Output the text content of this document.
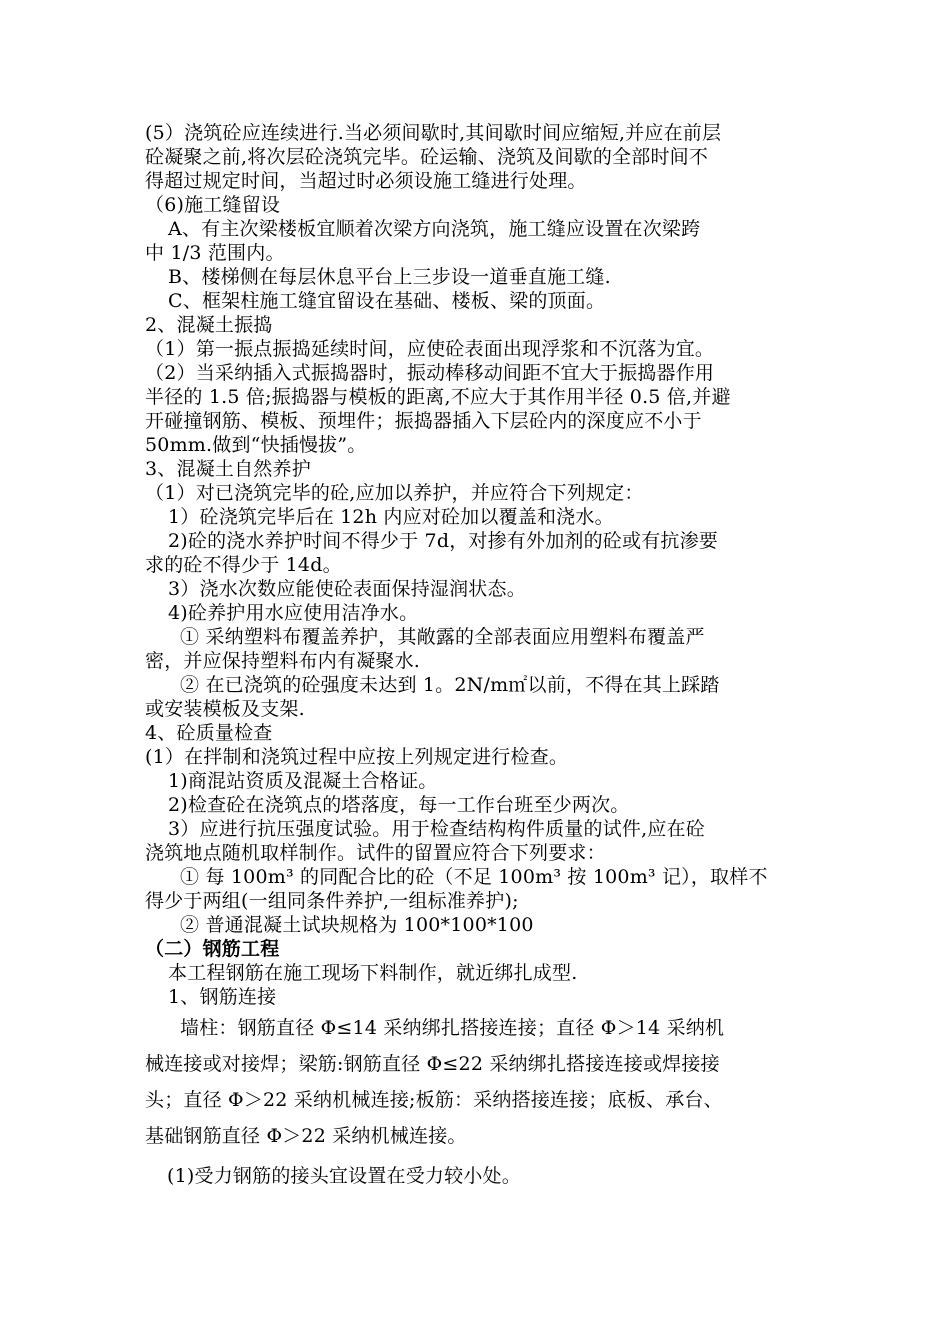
(5）浇筑砼应连续进行.当必须间歇时,其间歇时间应缩短,并应在前层
砼凝聚之前,将次层砼浇筑完毕。砼运输、浇筑及间歇的全部时间不
得超过规定时间，当超过时必须设施工缝进行处理。
（6)施工缝留设
A、有主次梁楼板宜顺着次梁方向浇筑，施工缝应设置在次梁跨
中 1/3 范围内。
B、楼梯侧在每层休息平台上三步设一道垂直施工缝.
C、框架柱施工缝宜留设在基础、楼板、梁的顶面。
2、混凝土振捣
（1）第一振点振捣延续时间，应使砼表面出现浮浆和不沉落为宜。
（2）当采纳插入式振捣器时，振动棒移动间距不宜大于振捣器作用
半径的 1.5 倍;振捣器与模板的距离,不应大于其作用半径 0.5 倍,并避
开碰撞钢筋、模板、预埋件；振捣器插入下层砼内的深度应不小于
50mm.做到“快插慢拔”。
3、混凝土自然养护
（1）对已浇筑完毕的砼,应加以养护，并应符合下列规定：
1）砼浇筑完毕后在 12h 内应对砼加以覆盖和浇水。
2)砼的浇水养护时间不得少于 7d，对掺有外加剂的砼或有抗渗要
求的砼不得少于 14d。
3）浇水次数应能使砼表面保持湿润状态。
4)砼养护用水应使用洁净水。
① 采纳塑料布覆盖养护，其敞露的全部表面应用塑料布覆盖严
密，并应保持塑料布内有凝聚水.
② 在已浇筑的砼强度未达到 1。2N/m㎡以前，不得在其上踩踏
或安装模板及支架.
4、砼质量检查
(1）在拌制和浇筑过程中应按上列规定进行检查。
1)商混站资质及混凝土合格证。
2)检查砼在浇筑点的塔落度，每一工作台班至少两次。
3）应进行抗压强度试验。用于检查结构构件质量的试件,应在砼
浇筑地点随机取样制作。试件的留置应符合下列要求：
① 每 100m³ 的同配合比的砼（不足 100m³ 按 100m³ 记），取样不
得少于两组(一组同条件养护,一组标准养护);
② 普通混凝土试块规格为 100*100*100
（二）钢筋工程
本工程钢筋在施工现场下料制作，就近绑扎成型.
1、钢筋连接
墙柱：钢筋直径 Φ≤14 采纳绑扎搭接连接；直径 Φ＞14 采纳机
械连接或对接焊；梁筋:钢筋直径 Φ≤22 采纳绑扎搭接连接或焊接接
头；直径 Φ＞22 采纳机械连接;板筋：采纳搭接连接；底板、承台、
基础钢筋直径 Φ＞22 采纳机械连接。
(1)受力钢筋的接头宜设置在受力较小处。
